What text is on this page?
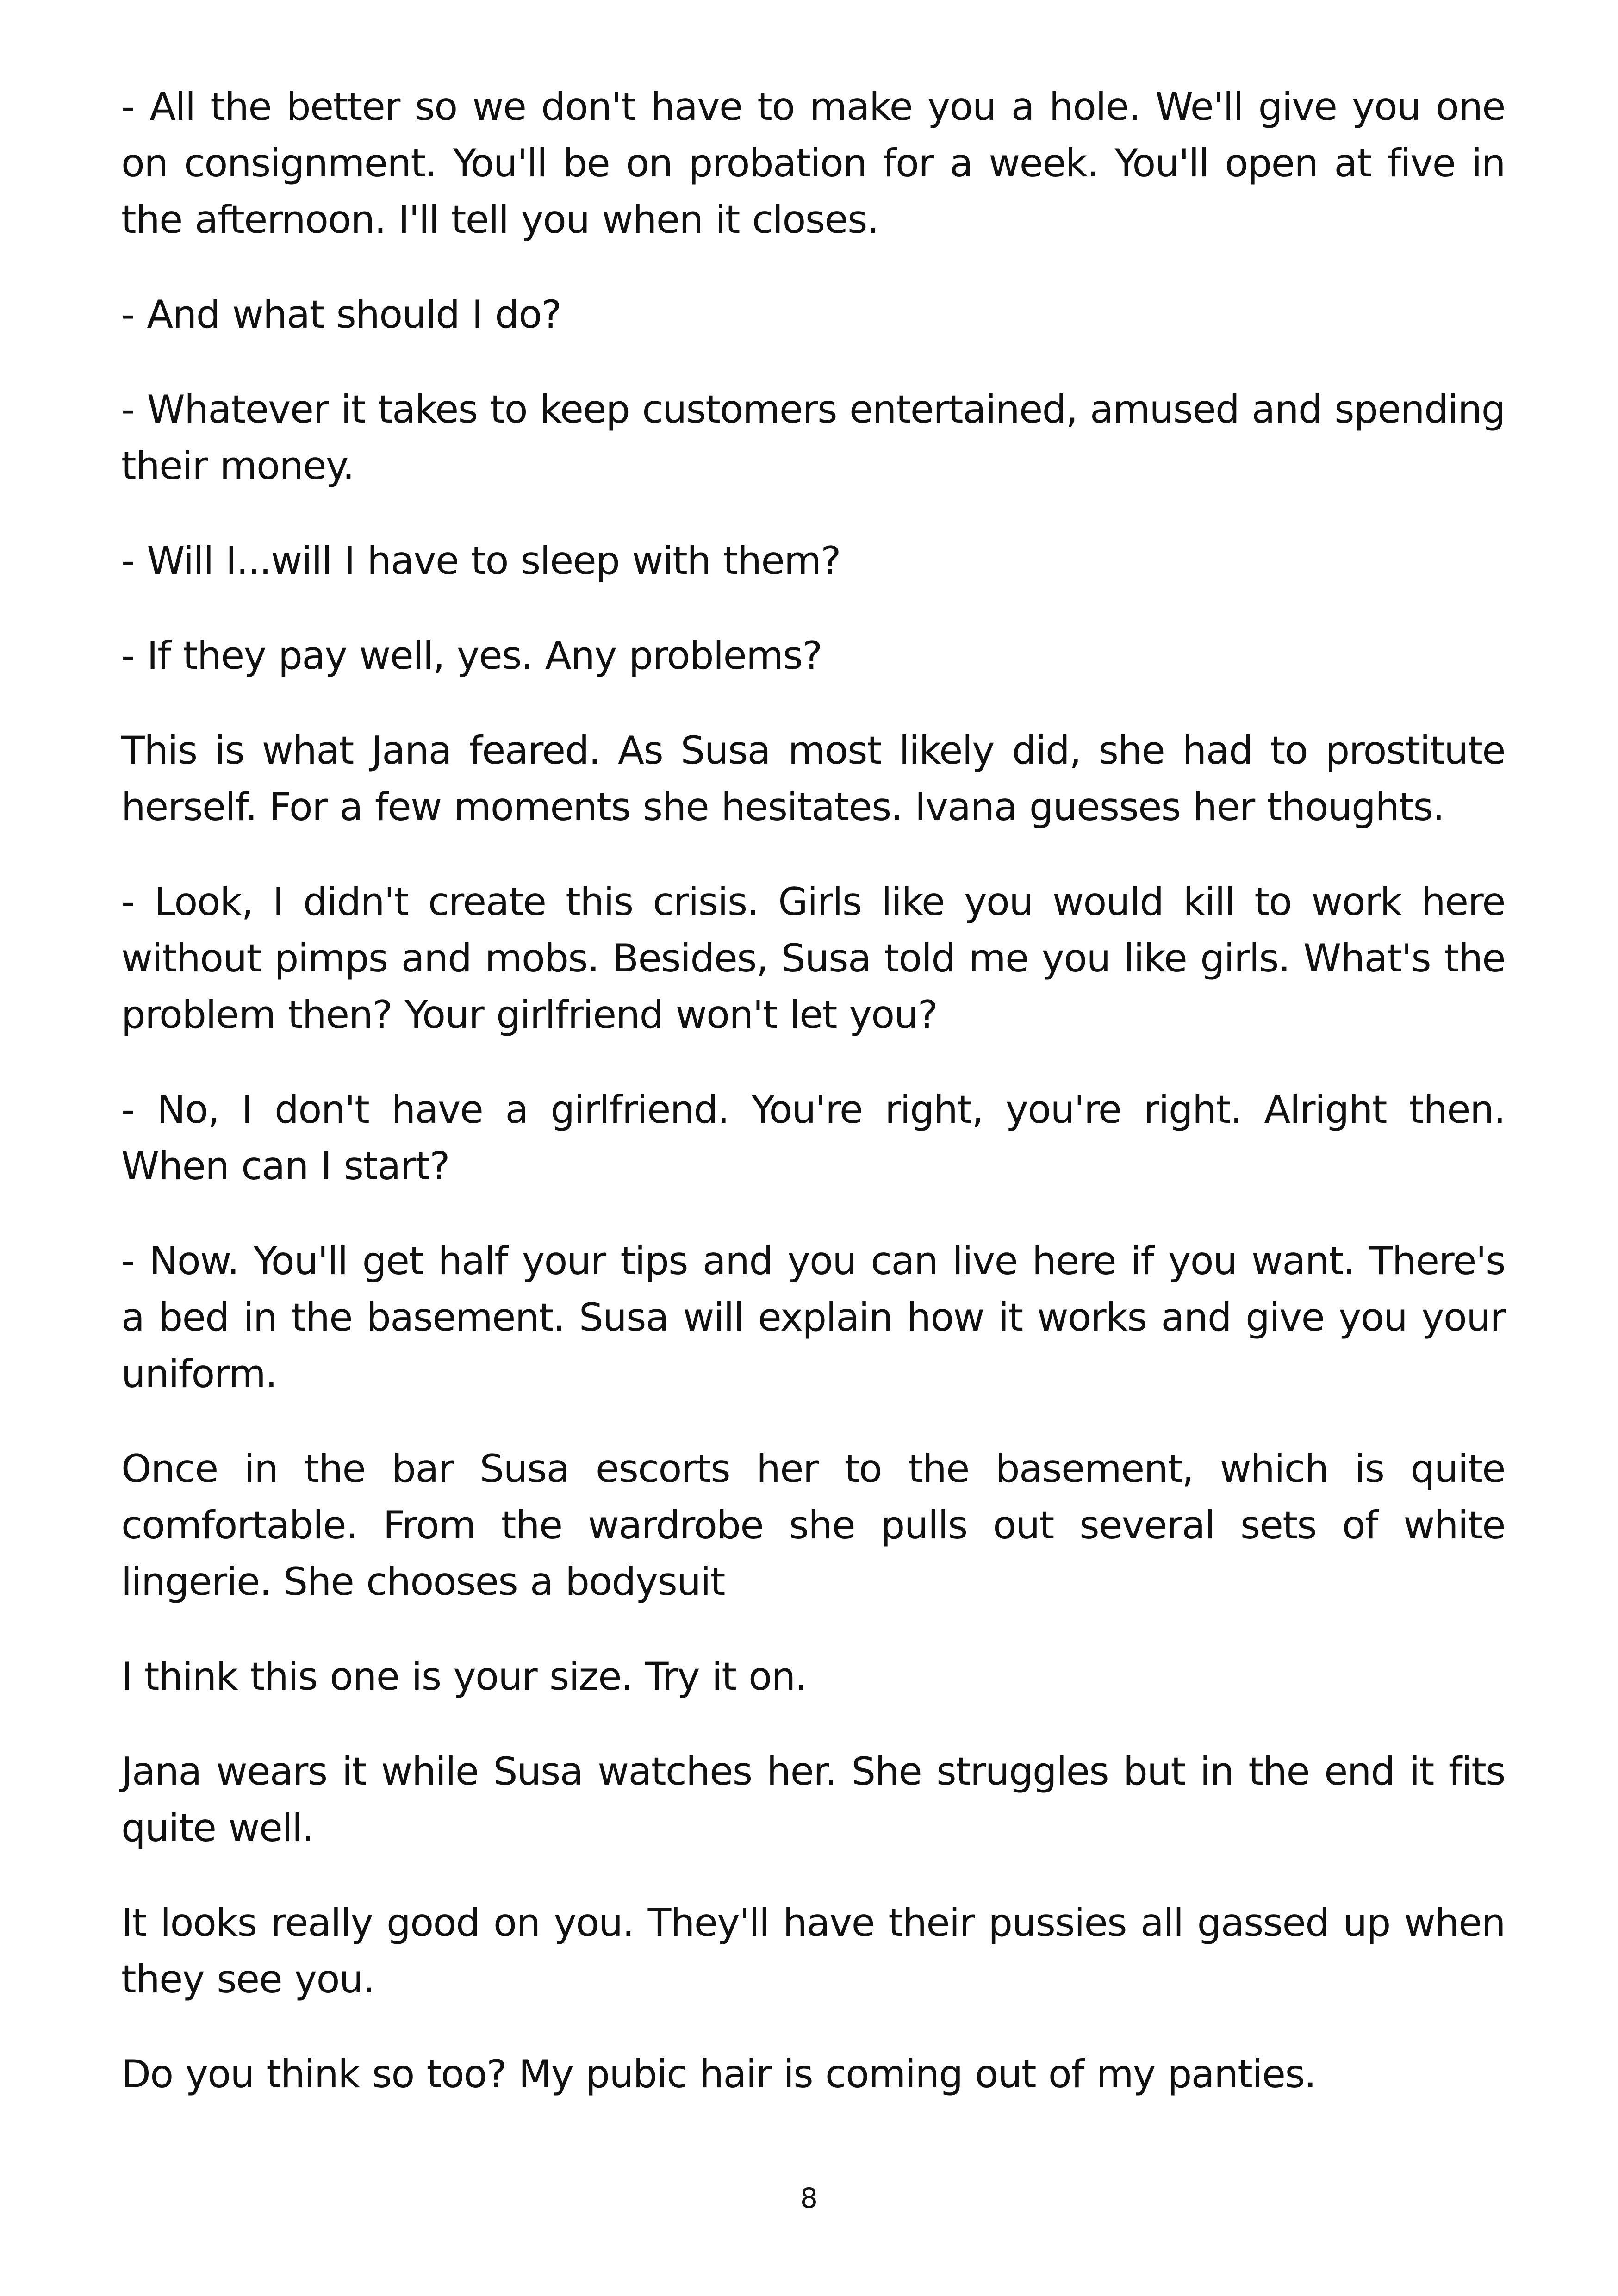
- All the better so we don't have to make you a hole. We'll give you one on consignment. You'll be on probation for a week. You'll open at five in the afternoon. I'll tell you when it closes.

- And what should I do?

- Whatever it takes to keep customers entertained, amused and spending their money.

- Will I...will I have to sleep with them?

- If they pay well, yes. Any problems?

This is what Jana feared. As Susa most likely did, she had to prostitute herself. For a few moments she hesitates. Ivana guesses her thoughts.

- Look, I didn't create this crisis. Girls like you would kill to work here without pimps and mobs. Besides, Susa told me you like girls. What's the problem then? Your girlfriend won't let you?

- No, I don't have a girlfriend. You're right, you're right. Alright then. When can I start?

- Now. You'll get half your tips and you can live here if you want. There's a bed in the basement. Susa will explain how it works and give you your uniform.

Once in the bar Susa escorts her to the basement, which is quite comfortable. From the wardrobe she pulls out several sets of white lingerie. She chooses a bodysuit

I think this one is your size. Try it on.

Jana wears it while Susa watches her. She struggles but in the end it fits quite well.

It looks really good on you. They'll have their pussies all gassed up when they see you.

Do you think so too? My pubic hair is coming out of my panties.

8
